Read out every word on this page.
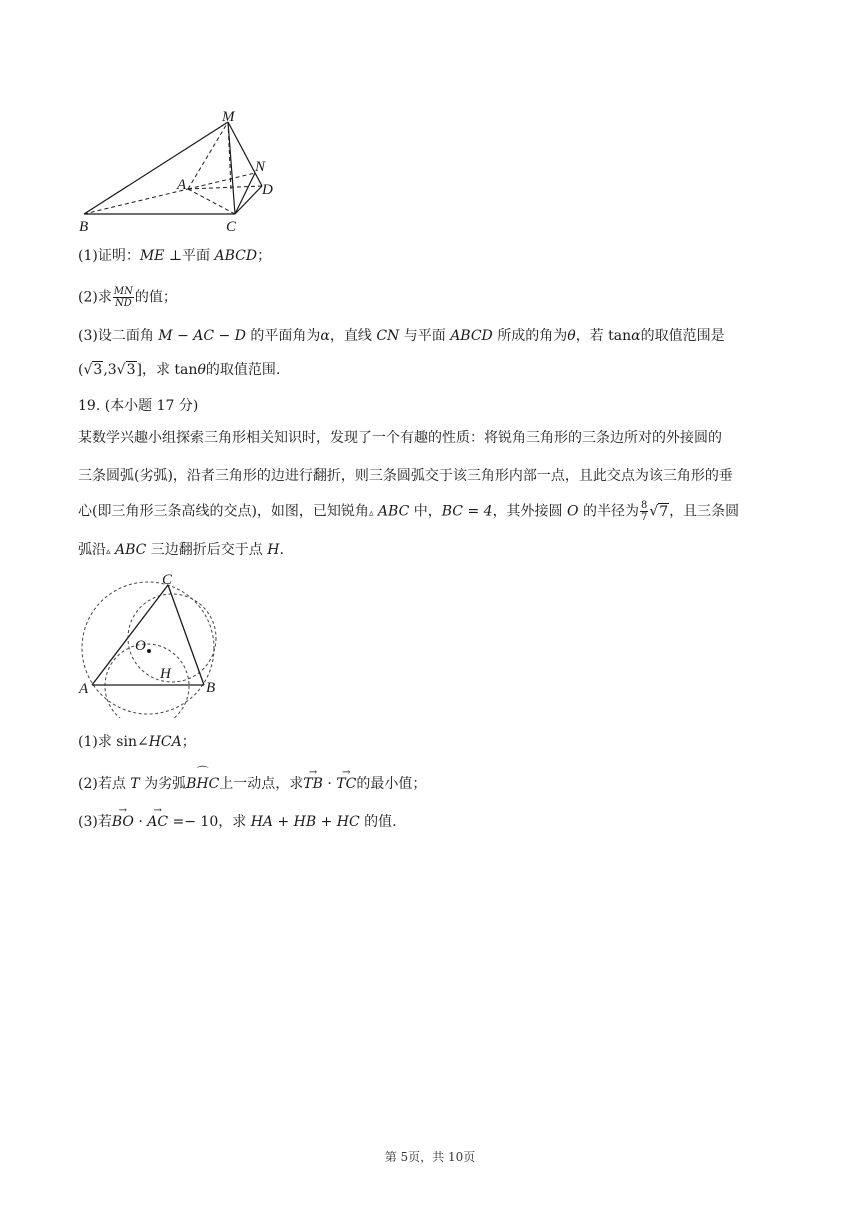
M
N
A	D
B	C
(1)证明：ME ⊥平面 ABCD；
(2)求 $\frac{MN}{ND}$ 的值；
(3)设二面角 M − AC − D 的平面角为α，直线 CN 与平面 ABCD 所成的角为θ，若 tanα的取值范围是
(√3,3√3]，求 tanθ的取值范围.
19. (本小题 17 分)
某数学兴趣小组探索三角形相关知识时，发现了一个有趣的性质：将锐角三角形的三条边所对的外接圆的
三条圆弧(劣弧)，沿者三角形的边进行翻折，则三条圆弧交于该三角形内部一点，且此交点为该三角形的垂
心(即三角形三条高线的交点)，如图，已知锐角▵ ABC 中，BC = 4，其外接圆 O 的半径为 $\frac{8}{7} √7$，且三条圆
弧沿▵ ABC 三边翻折后交于点 H.
C
O
H
A	B
(1)求 sin∠HCA；
(2)若点 T 为劣弧⌒ BHC上一动点，求→ TB · → TC的最小值；
(3)若→ BO · → AC =− 10，求 HA + HB + HC 的值.
第 5页，共 10页
